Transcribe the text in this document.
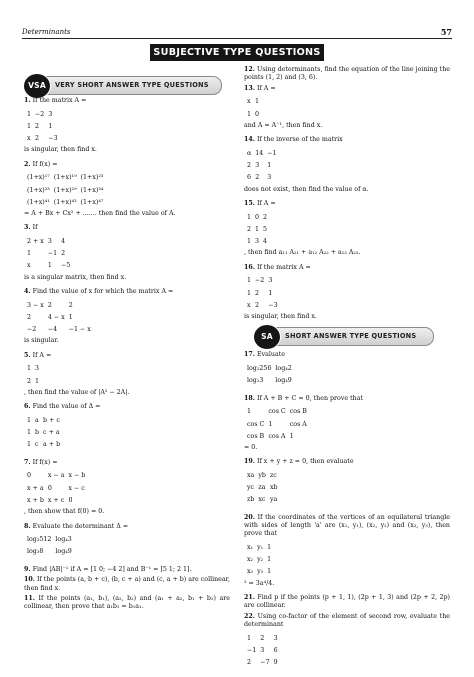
Determinants	57
SUBJECTIVE TYPE QUESTIONS
VSA	VERY SHORT ANSWER TYPE QUESTIONS

1. If the matrix A =

1	−2	3
1	2	1
x	2	−3
is singular, then find x.

2. If f(x) =

(1+x)¹⁷	(1+x)¹⁹	(1+x)²³
(1+x)²³	(1+x)²⁹	(1+x)³⁴
(1+x)⁴¹	(1+x)⁴³	(1+x)⁴⁷
= A + Bx + Cx² + ....... then find the value of A.

3. If

2 + x	3	4
1	−1	2
x	1	−5
is a singular matrix, then find x.

4. Find the value of x for which the matrix A =

3 − x	2	2
2	4 − x	1
−2	−4	−1 − x
is singular.

5. If A =

1	3
2	1
, then find the value of |A² − 2A|.

6. Find the value of Δ =

1	a	b + c
1	b	c + a
1	c	a + b

7. If f(x) =

0	x − a	x − b
x + a	0	x − c
x + b	x + c	0
, then show that f(0) = 0.

8. Evaluate the determinant Δ =

log₃512	log₄3
log₃8	log₄9

9. Find |AB|⁻¹ if A = [1 0; −4 2] and B⁻¹ = [5 1; 2 1].

10. If the points (a, b + c), (b, c + a) and (c, a + b) are collinear, then find x.

11. If the points (a₁, b₁), (a₂, b₂) and (a₁ + a₂, b₁ + b₂) are collinear, then prove that a₁b₁ = b₁a₁.

12. Using determinants, find the equation of the line joining the points (1, 2) and (3, 6).

13. If A =

x	1
1	0
and A = A⁻¹, then find x.

14. If the inverse of the matrix

α	14	−1
2	3	1
6	2	3
does not exist, then find the value of α.

15. If A =

1	0	2
2	1	5
1	3	4
, then find a₁₁ A₂₁ + a₁₂ A₂₂ + a₁₃ A₂₃.

16. If the matrix A =

1	−2	3
1	2	1
x	2	−3
is singular, then find x.

SA	SHORT ANSWER TYPE QUESTIONS

17. Evaluate

log₂256	log₄2
log₂3	log₄9

18. If A + B + C = 0, then prove that

1	cos C	cos B
cos C	1	cos A
cos B	cos A	1
= 0.

19. If x + y + z = 0, then evaluate

xa	yb	zc
yc	za	xb
zb	xc	ya

20. If the coordinates of the vertices of an equilateral triangle with sides of length 'a' are (x₁, y₁), (x₂, y₂) and (x₃, y₃), then prove that

x₁	y₁	1
x₂	y₂	1
x₃	y₃	1
² = 3a⁴/4.

21. Find p if the points (p + 1, 1), (2p + 1, 3) and (2p + 2, 2p) are collinear.

22. Using co-factor of the element of second row, evaluate the determinant

1	2	3
−1	3	6
2	−7	9
